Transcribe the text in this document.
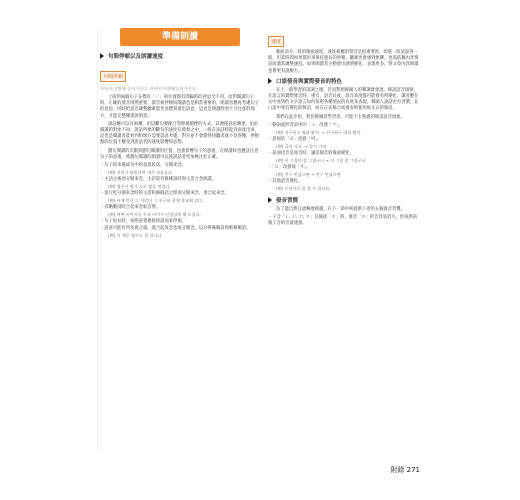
準備朗讀
句間停頓以及朗讀速度
句間停頓
아버지가/방에 들어가신다. 아버지가방에/들어가신다.

上面的兩個句子在標有「／」的位置都有間隔時的意思全不同，而對閱讀句子時，正確的發音則然重要，讀音被停頓而閱讀也是相當重要的，朗讀者應再考慮句子的意思，同時把語音調整聽眾能更清楚知道出語意，這也是朗讀時須十分注意的地方，才能完整傳達說明意。

說話應可以有兩種，用以斷句要配合等抑揚頓挫的方式，以便使意思傳達，由於閱讀的對象不同，說話所要的斷句的速度在節奏之中，一般在說話時能到表達出來，這也是閱讀者能看到的地方需要認真考慮，對方並不會覺得快聽者就不見得懂，停頓點的位置不應受到說話者的速度影響和思想。

劃句閱讀的次數與劃句閱讀的位置，也會影響句子的意義，在朗讀時也應該注意句子的意義，使劃句閱讀的朗讀可以使說話者更加專注於正確。

・句子結束處或句中的意思段落，分開來念。
(例) 진리가 영원하여 내가 자유롭다.
・主語之後須分開來念，主語前有修飾語時與主語合念朗讀。
(例) 영수가 딸기 소고 밥을 먹었다.
・進行把分開來念時的主語和修飾語之間須分開來念，須合起來念。
(例) 어제 만난 그 사람이 그 친구와 함께 학교에 갔다.
・省略動詞時合起來念較自然。
(例) 어떤 이야기를 우리 아이가 선생님께 해 드렸다.
・句子很長時，按照意義連接結語而來停頓。
・語意可能有所差異之處，適合起來念也或分開念，以分辨修飾語與被修飾語。
(例) 이 책은 영수도 잘 압니다.
速度

歌曲前方一段的歌曲速度，速度相應的發音是很重要的，即使一段話說得一般，但其時間如果都用來保持過長的停頓，聽眾也會感到無聊，也需依據內容情況而適當調整速度。如果朗讀者主動發出感情變化，表現更多，對文章內容朗讀也會更有說服力。

口語發音與實際發音的特色

在上一節學習的語調之後，若再對照韓國人的聲調會發現，韓語語音規律，在語言的實際發音時，重音、語音長度、語音高度都可能會有所變化，讀者應在文中看到的文字語言如何按照各種情況的高度來表現，韓國人說話也有習慣，在口語中會有變化的韓語，而在正式場合或發表時使用較正式的韓語。

我們在此介紹，對於韓國語學習者，可能不太熟悉的韓語語音現象。

・動詞或形容詞中的「ㅗ」改發「ㅜ」。
(例) 친구하고 영화 봤어. → 친구하구 영화 봤어.
・語尾的「요」改發「여」。
(例) 같이 가요. → 같이 가여.
・前面母音是尾音時，讓這個音與後面變化，
(例) 이 그림의 잘 그렸구나 → 이 그림 잘 그렸구나
・「으」改發成「우」。
(例) 친구 만났으면 → 친구 만났으면
・其他語音變化。
(例) 무엇이든 잘 할 수 있어요.
發音習慣

為了能自然且流暢地朗讀，在下一節中則提供下述的五個發音習慣。

・子音「ㄴ, ㄷ, ㅁ, ㅇ」其後接「ㅎ」時，發音「ㅎ」的音容易消失，形成與前後子音的音量連接。
附錄 271
